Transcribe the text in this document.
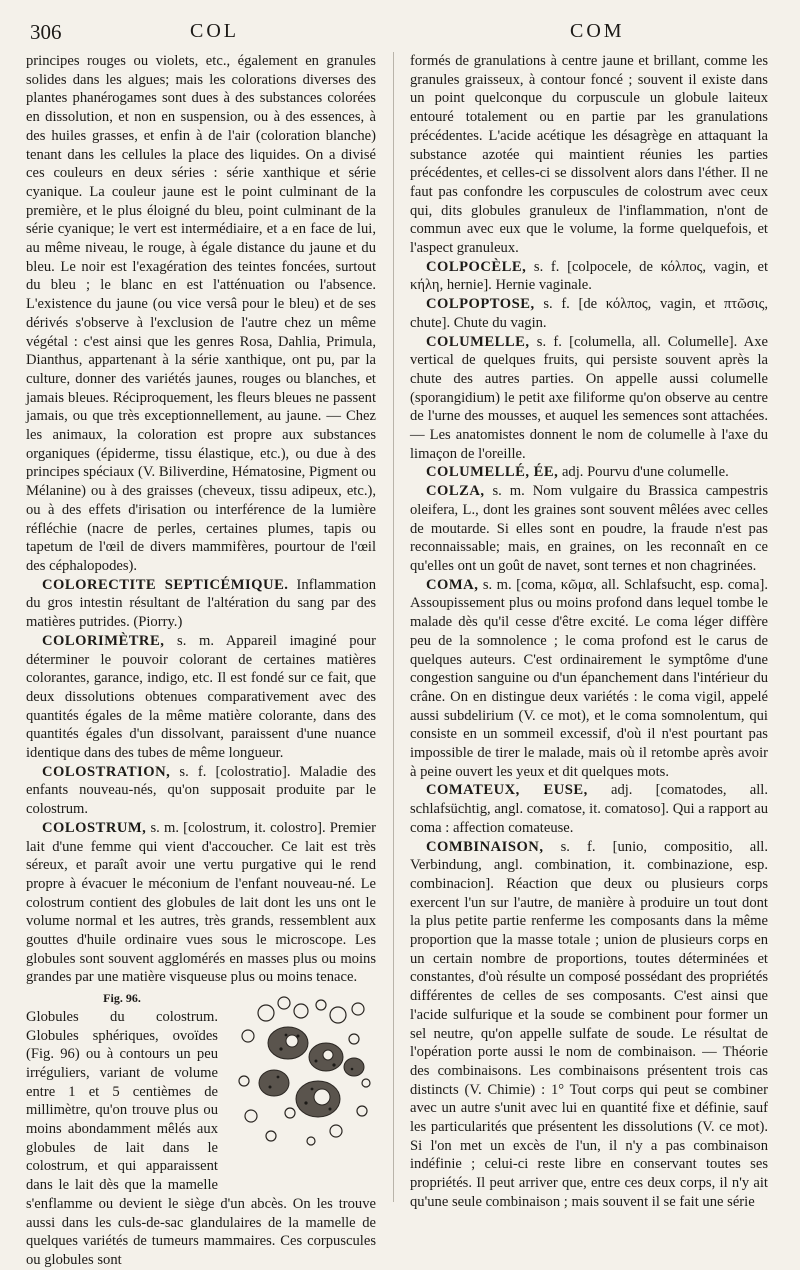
306	COL	COM

principes rouges ou violets, etc., également en granules solides dans les algues; mais les colorations diverses des plantes phanérogames sont dues à des substances colorées en dissolution, et non en suspension, ou à des essences, à des huiles grasses, et enfin à de l'air (coloration blanche) tenant dans les cellules la place des liquides. On a divisé ces couleurs en deux séries : série xanthique et série cyanique. La couleur jaune est le point culminant de la première, et le plus éloigné du bleu, point culminant de la série cyanique; le vert est intermédiaire, et a en face de lui, au même niveau, le rouge, à égale distance du jaune et du bleu. Le noir est l'exagération des teintes foncées, surtout du bleu ; le blanc en est l'atténuation ou l'absence. L'existence du jaune (ou vice versâ pour le bleu) et de ses dérivés s'observe à l'exclusion de l'autre chez un même végétal : c'est ainsi que les genres Rosa, Dahlia, Primula, Dianthus, appartenant à la série xanthique, ont pu, par la culture, donner des variétés jaunes, rouges ou blanches, et jamais bleues. Réciproquement, les fleurs bleues ne passent jamais, ou que très exceptionnellement, au jaune. — Chez les animaux, la coloration est propre aux substances organiques (épiderme, tissu élastique, etc.), ou due à des principes spéciaux (V. Biliverdine, Hématosine, Pigment ou Mélanine) ou à des graisses (cheveux, tissu adipeux, etc.), ou à des effets d'irisation ou interférence de la lumière réfléchie (nacre de perles, certaines plumes, tapis ou tapetum de l'œil de divers mammifères, pourtour de l'œil des céphalopodes).

COLORECTITE SEPTICÉMIQUE. Inflammation du gros intestin résultant de l'altération du sang par des matières putrides. (Piorry.)

COLORIMÈTRE, s. m. Appareil imaginé pour déterminer le pouvoir colorant de certaines matières colorantes, garance, indigo, etc. Il est fondé sur ce fait, que deux dissolutions obtenues comparativement avec des quantités égales de la même matière colorante, dans des quantités égales d'un dissolvant, paraissent d'une nuance identique dans des tubes de même longueur.

COLOSTRATION, s. f. [colostratio]. Maladie des enfants nouveau-nés, qu'on supposait produite par le colostrum.

COLOSTRUM, s. m. [colostrum, it. colostro]. Premier lait d'une femme qui vient d'accoucher. Ce lait est très séreux, et paraît avoir une vertu purgative qui le rend propre à évacuer le méconium de l'enfant nouveau-né. Le colostrum contient des globules de lait dont les uns ont le volume normal et les autres, très grands, ressemblent aux gouttes d'huile ordinaire vues sous le microscope. Les globules sont souvent agglomérés en masses plus ou moins grandes par une matière visqueuse plus ou moins tenace.

Fig. 96.
Globules du colostrum. Globules sphériques, ovoïdes (Fig. 96) ou à contours un peu irréguliers, variant de volume entre 1 et 5 centièmes de millimètre, qu'on trouve plus ou moins abondamment mêlés aux globules de lait dans le colostrum, et qui apparaissent dans le lait dès que la mamelle s'enflamme ou devient le siège d'un abcès. On les trouve aussi dans les culs-de-sac glandulaires de la mamelle de quelques variétés de tumeurs mammaires. Ces corpuscules ou globules sont

formés de granulations à centre jaune et brillant, comme les granules graisseux, à contour foncé ; souvent il existe dans un point quelconque du corpuscule un globule laiteux entouré totalement ou en partie par les granulations précédentes. L'acide acétique les désagrège en attaquant la substance azotée qui maintient réunies les parties précédentes, et celles-ci se dissolvent alors dans l'éther. Il ne faut pas confondre les corpuscules de colostrum avec ceux qui, dits globules granuleux de l'inflammation, n'ont de commun avec eux que le volume, la forme quelquefois, et l'aspect granuleux.

COLPOCÈLE, s. f. [colpocele, de κόλπος, vagin, et κήλη, hernie]. Hernie vaginale.

COLPOPTOSE, s. f. [de κόλπος, vagin, et πτῶσις, chute]. Chute du vagin.

COLUMELLE, s. f. [columella, all. Columelle]. Axe vertical de quelques fruits, qui persiste souvent après la chute des autres parties. On appelle aussi columelle (sporangidium) le petit axe filiforme qu'on observe au centre de l'urne des mousses, et auquel les semences sont attachées. — Les anatomistes donnent le nom de columelle à l'axe du limaçon de l'oreille.

COLUMELLÉ, ÉE, adj. Pourvu d'une columelle.

COLZA, s. m. Nom vulgaire du Brassica campestris oleifera, L., dont les graines sont souvent mêlées avec celles de moutarde. Si elles sont en poudre, la fraude n'est pas reconnaissable; mais, en graines, on les reconnaît en ce qu'elles ont un goût de navet, sont ternes et non chagrinées.

COMA, s. m. [coma, κῶμα, all. Schlafsucht, esp. coma]. Assoupissement plus ou moins profond dans lequel tombe le malade dès qu'il cesse d'être excité. Le coma léger diffère peu de la somnolence ; le coma profond est le carus de quelques auteurs. C'est ordinairement le symptôme d'une congestion sanguine ou d'un épanchement dans l'intérieur du crâne. On en distingue deux variétés : le coma vigil, appelé aussi subdelirium (V. ce mot), et le coma somnolentum, qui consiste en un sommeil excessif, d'où il n'est pourtant pas impossible de tirer le malade, mais où il retombe après avoir à peine ouvert les yeux et dit quelques mots.

COMATEUX, EUSE, adj. [comatodes, all. schlafsüchtig, angl. comatose, it. comatoso]. Qui a rapport au coma : affection comateuse.

COMBINAISON, s. f. [unio, compositio, all. Verbindung, angl. combination, it. combinazione, esp. combinacion]. Réaction que deux ou plusieurs corps exercent l'un sur l'autre, de manière à produire un tout dont la plus petite partie renferme les composants dans la même proportion que la masse totale ; union de plusieurs corps en un certain nombre de proportions, toutes déterminées et constantes, d'où résulte un composé possédant des propriétés différentes de celles de ses composants. C'est ainsi que l'acide sulfurique et la soude se combinent pour former un sel neutre, qu'on appelle sulfate de soude. Le résultat de l'opération porte aussi le nom de combinaison. — Théorie des combinaisons. Les combinaisons présentent trois cas distincts (V. Chimie) : 1° Tout corps qui peut se combiner avec un autre s'unit avec lui en quantité fixe et définie, sauf les particularités que présentent les dissolutions (V. ce mot). Si l'on met un excès de l'un, il n'y a pas combinaison indéfinie ; celui-ci reste libre en conservant toutes ses propriétés. Il peut arriver que, entre ces deux corps, il n'y ait qu'une seule combinaison ; mais souvent il se fait une série
